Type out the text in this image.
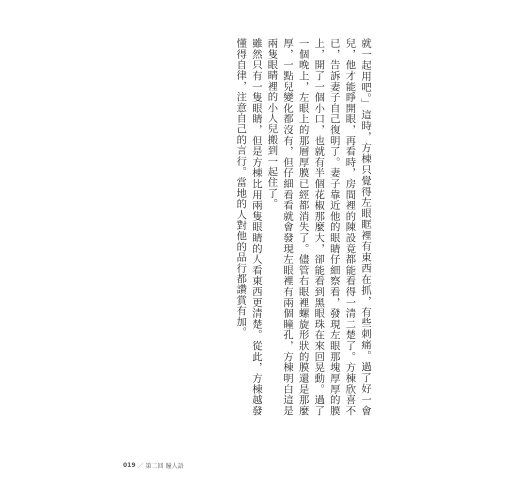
就一起用吧。」這時，方棟只覺得左眼眶裡有東西在抓，有些刺痛。過了好一會兒，他才能睜開眼，再看時，房間裡的陳設竟都能看得一清二楚了。方棟欣喜不已，告訴妻子自己復明了。妻子靠近他的眼睛仔細察看，發現左眼那塊厚厚的膜上，開了一個小口，也就有半個花椒那麼大，卻能看到黑眼珠在來回晃動。過了一個晚上，左眼上的那層厚膜已經都消失了。儘管右眼裡螺旋形狀的膜還是那麼厚，一點兒變化都沒有，但仔細看看就會發現左眼裡有兩個瞳孔，方棟明白這是兩隻眼睛裡的小人兒搬到一起住了。

雖然只有一隻眼睛，但是方棟比用兩隻眼睛的人看東西更清楚。從此，方棟越發懂得自律，注意自己的言行。當地的人對他的品行都讚賞有加。

019 ／ 第二回 瞳人語
